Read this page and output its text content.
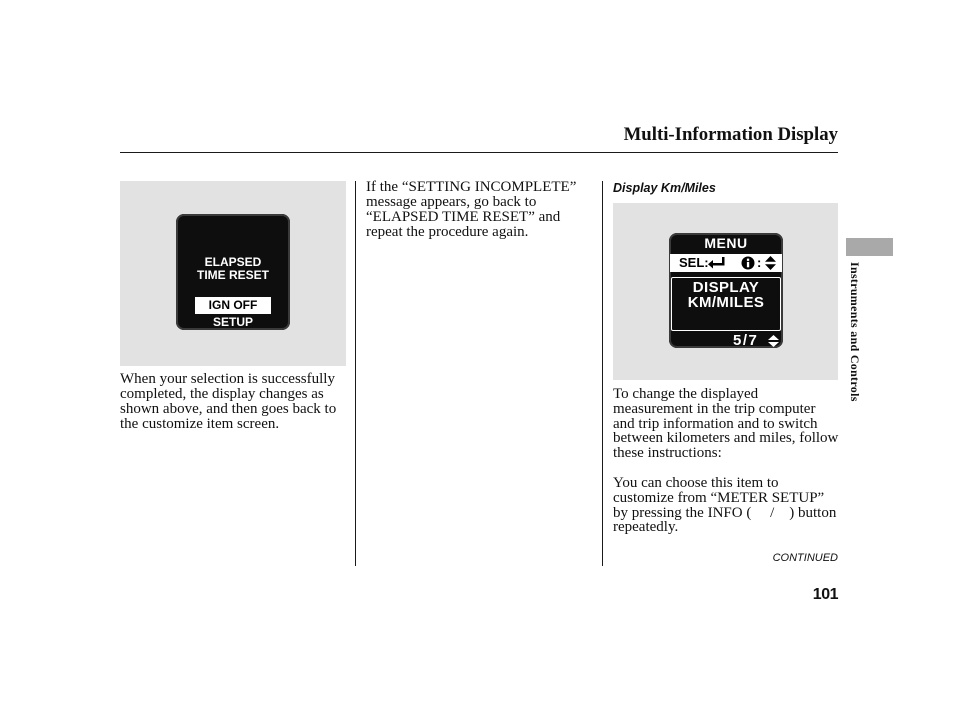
Multi-Information Display
ELAPSED
TIME RESET
IGN OFF
SETUP
When your selection is successfully
completed, the display changes as
shown above, and then goes back to
the customize item screen.
If the “SETTING INCOMPLETE”
message appears, go back to
“ELAPSED TIME RESET” and
repeat the procedure again.
Display Km/Miles
MENU
SEL:	:
DISPLAY
KM/MILES
5/7
To change the displayed
measurement in the trip computer
and trip information and to switch
between kilometers and miles, follow
these instructions:
You can choose this item to
customize from “METER SETUP”
by pressing the INFO (     /    ) button
repeatedly.
CONTINUED
101
Instruments and Controls
